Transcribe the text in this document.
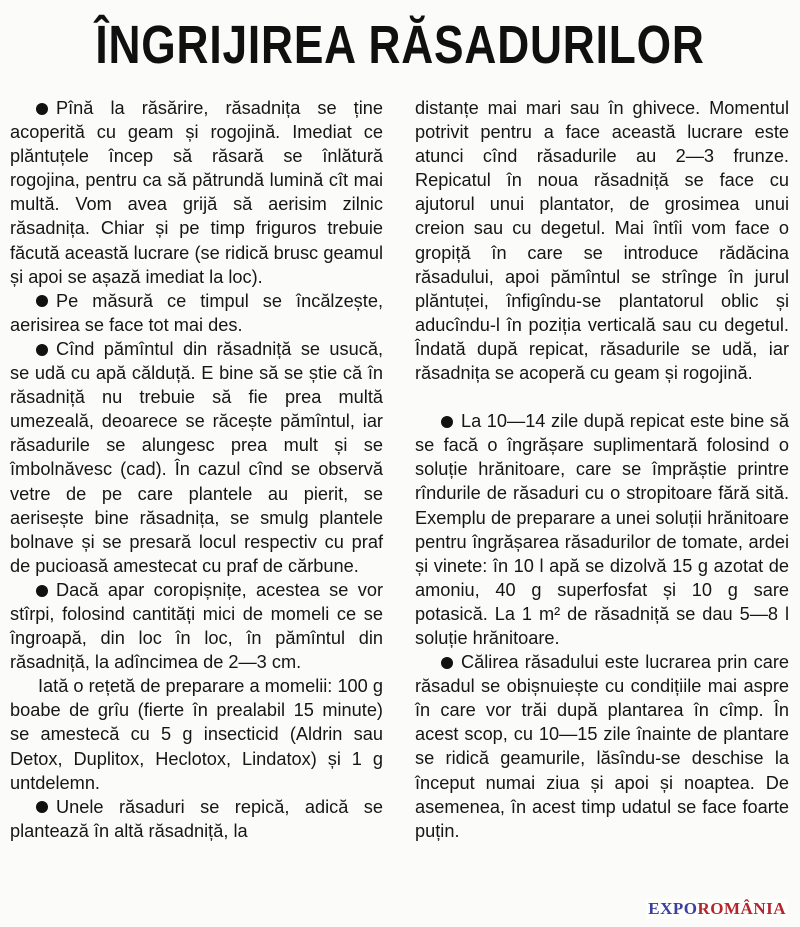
ÎNGRIJIREA RĂSADURILOR

Pînă la răsărire, răsadnița se ține acoperită cu geam și rogojină. Imediat ce plăntuțele încep să răsară se înlătură rogojina, pentru ca să pătrundă lumină cît mai multă. Vom avea grijă să aerisim zilnic răsadnița. Chiar și pe timp friguros trebuie făcută această lucrare (se ridică brusc geamul și apoi se așază imediat la loc).

Pe măsură ce timpul se încălzește, aerisirea se face tot mai des.

Cînd pămîntul din răsadniță se usucă, se udă cu apă călduță. E bine să se știe că în răsadniță nu trebuie să fie prea multă umezeală, deoarece se răcește pămîntul, iar răsadurile se alungesc prea mult și se îmbolnăvesc (cad). În cazul cînd se observă vetre de pe care plantele au pierit, se aerisește bine răsadnița, se smulg plantele bolnave și se presară locul respectiv cu praf de pucioasă amestecat cu praf de cărbune.

Dacă apar coropișnițe, acestea se vor stîrpi, folosind cantități mici de momeli ce se îngroapă, din loc în loc, în pămîntul din răsadniță, la adîncimea de 2—3 cm.

Iată o rețetă de preparare a momelii: 100 g boabe de grîu (fierte în prealabil 15 minute) se amestecă cu 5 g insecticid (Aldrin sau Detox, Duplitox, Heclotox, Lindatox) și 1 g untdelemn.

Unele răsaduri se repică, adică se plantează în altă răsadniță, la

distanțe mai mari sau în ghivece. Momentul potrivit pentru a face această lucrare este atunci cînd răsadurile au 2—3 frunze. Repicatul în noua răsadniță se face cu ajutorul unui plantator, de grosimea unui creion sau cu degetul. Mai întîi vom face o gropiță în care se introduce rădăcina răsadului, apoi pămîntul se strînge în jurul plăntuței, înfigîndu-se plantatorul oblic și aducîndu-l în poziția verticală sau cu degetul. Îndată după repicat, răsadurile se udă, iar răsadnița se acoperă cu geam și rogojină.

La 10—14 zile după repicat este bine să se facă o îngrășare suplimentară folosind o soluție hrănitoare, care se împrăștie printre rîndurile de răsaduri cu o stropitoare fără sită. Exemplu de preparare a unei soluții hrănitoare pentru îngrășarea răsadurilor de tomate, ardei și vinete: în 10 l apă se dizolvă 15 g azotat de amoniu, 40 g superfosfat și 10 g sare potasică. La 1 m² de răsadniță se dau 5—8 l soluție hrănitoare.

Călirea răsadului este lucrarea prin care răsadul se obișnuiește cu condițiile mai aspre în care vor trăi după plantarea în cîmp. În acest scop, cu 10—15 zile înainte de plantare se ridică geamurile, lăsîndu-se deschise la început numai ziua și apoi și noaptea. De asemenea, în acest timp udatul se face foarte puțin.

EXPOROMÂNIA
